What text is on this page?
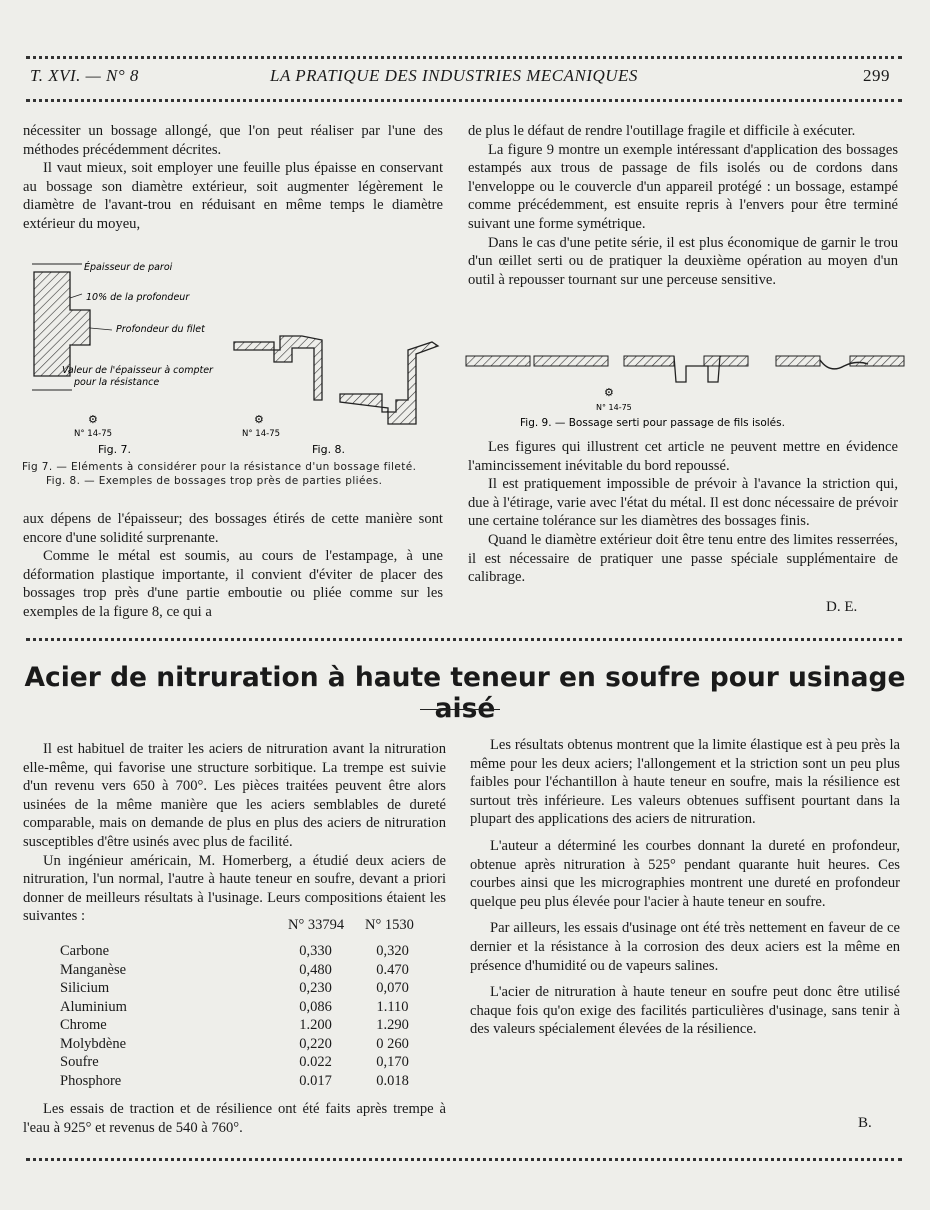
T. XVI. — N° 8	LA PRATIQUE DES INDUSTRIES MECANIQUES	299

nécessiter un bossage allongé, que l'on peut réaliser par l'une des méthodes précédemment décrites.

Il vaut mieux, soit employer une feuille plus épaisse en conservant au bossage son diamètre extérieur, soit augmenter légèrement le diamètre de l'avant-trou en réduisant en même temps le diamètre extérieur du moyeu,

Épaisseur de paroi
10% de la profondeur
Profondeur du filet
Valeur de l'épaisseur à compter
pour la résistance
⚙
N° 14-75
Fig. 7.
⚙
N° 14-75
Fig. 8.
Fig 7. — Eléments à considérer pour la résistance d'un bossage fileté.
Fig. 8. — Exemples de bossages trop près de parties pliées.

aux dépens de l'épaisseur; des bossages étirés de cette manière sont encore d'une solidité surprenante.

Comme le métal est soumis, au cours de l'estampage, à une déformation plastique importante, il convient d'éviter de placer des bossages trop près d'une partie emboutie ou pliée comme sur les exemples de la figure 8, ce qui a

de plus le défaut de rendre l'outillage fragile et difficile à exécuter.

La figure 9 montre un exemple intéressant d'application des bossages estampés aux trous de passage de fils isolés ou de cordons dans l'enveloppe ou le couvercle d'un appareil protégé : un bossage, estampé comme précédemment, est ensuite repris à l'envers pour être terminé suivant une forme symétrique.

Dans le cas d'une petite série, il est plus économique de garnir le trou d'un œillet serti ou de pratiquer la deuxième opération au moyen d'un outil à repousser tournant sur une perceuse sensitive.

⚙
N° 14-75
Fig. 9. — Bossage serti pour passage de fils isolés.

Les figures qui illustrent cet article ne peuvent mettre en évidence l'amincissement inévitable du bord repoussé.

Il est pratiquement impossible de prévoir à l'avance la striction qui, due à l'étirage, varie avec l'état du métal. Il est donc nécessaire de prévoir une certaine tolérance sur les diamètres des bossages finis.

Quand le diamètre extérieur doit être tenu entre des limites resserrées, il est nécessaire de pratiquer une passe spéciale supplémentaire de calibrage.

D. E.
Acier de nitruration à haute teneur en soufre pour usinage aisé

Il est habituel de traiter les aciers de nitruration avant la nitruration elle-même, qui favorise une structure sorbitique. La trempe est suivie d'un revenu vers 650 à 700°. Les pièces traitées peuvent être alors usinées de la même manière que les aciers semblables de dureté comparable, mais on demande de plus en plus des aciers de nitruration susceptibles d'être usinés avec plus de facilité.

Un ingénieur américain, M. Homerberg, a étudié deux aciers de nitruration, l'un normal, l'autre à haute teneur en soufre, devant a priori donner de meilleurs résultats à l'usinage. Leurs compositions étaient les suivantes :

N° 33794 N° 1530
Carbone	0,330	0,320
Manganèse	0,480	0.470
Silicium	0,230	0,070
Aluminium	0,086	1.110
Chrome	1.200	1.290
Molybdène	0,220	0 260
Soufre	0.022	0,170
Phosphore	0.017	0.018

Les essais de traction et de résilience ont été faits après trempe à l'eau à 925° et revenus de 540 à 760°.

Les résultats obtenus montrent que la limite élastique est à peu près la même pour les deux aciers; l'allongement et la striction sont un peu plus faibles pour l'échantillon à haute teneur en soufre, mais la résilience est surtout très inférieure. Les valeurs obtenues suffisent pourtant dans la plupart des applications des aciers de nitruration.

L'auteur a déterminé les courbes donnant la dureté en profondeur, obtenue après nitruration à 525° pendant quarante huit heures. Ces courbes ainsi que les micrographies montrent une dureté en profondeur quelque peu plus élevée pour l'acier à haute teneur en soufre.

Par ailleurs, les essais d'usinage ont été très nettement en faveur de ce dernier et la résistance à la corrosion des deux aciers est la même en présence d'humidité ou de vapeurs salines.

L'acier de nitruration à haute teneur en soufre peut donc être utilisé chaque fois qu'on exige des facilités particulières d'usinage, sans tenir à des valeurs spécialement élevées de la résilience.

B.
